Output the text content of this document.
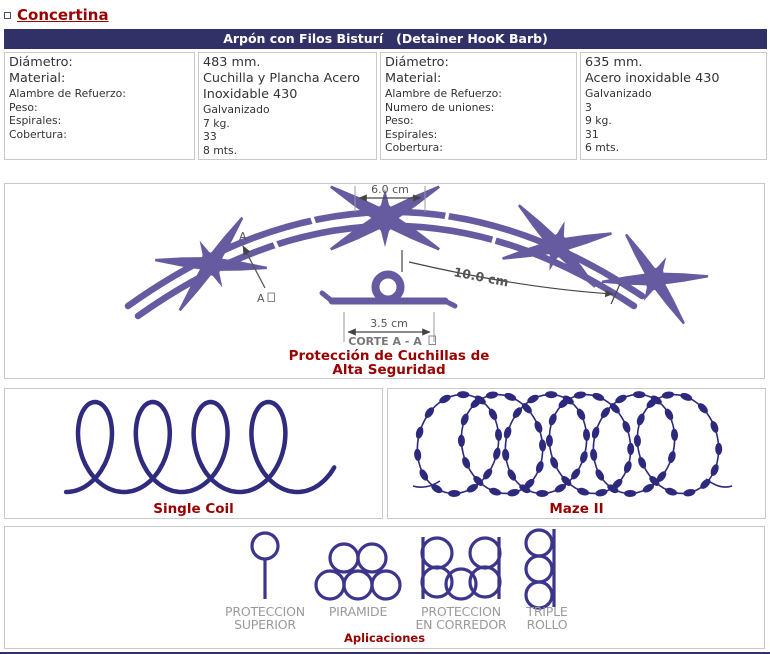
Concertina
Arpón con Filos Bisturí   (Detainer HooK Barb)
Diámetro:
Material:
Alambre de Refuerzo:
Peso:
Espirales:
Cobertura:
483 mm.
Cuchilla y Plancha Acero
Inoxidable 430
Galvanizado
7 kg.
33
8 mts.
Diámetro:
Material:
Alambre de Refuerzo:
Numero de uniones:
Peso:
Espirales:
Cobertura:
635 mm.
Acero inoxidable 430
Galvanizado
3
9 kg.
31
6 mts.
6.0 cm
10.0 cm
A
A
3.5 cm
CORTE A - A
Protección de Cuchillas de
Alta Seguridad
Single Coil	Maze II
PROTECCION
SUPERIOR
PIRAMIDE	PROTECCION
EN CORREDOR
TRIPLE
ROLLO
Aplicaciones
